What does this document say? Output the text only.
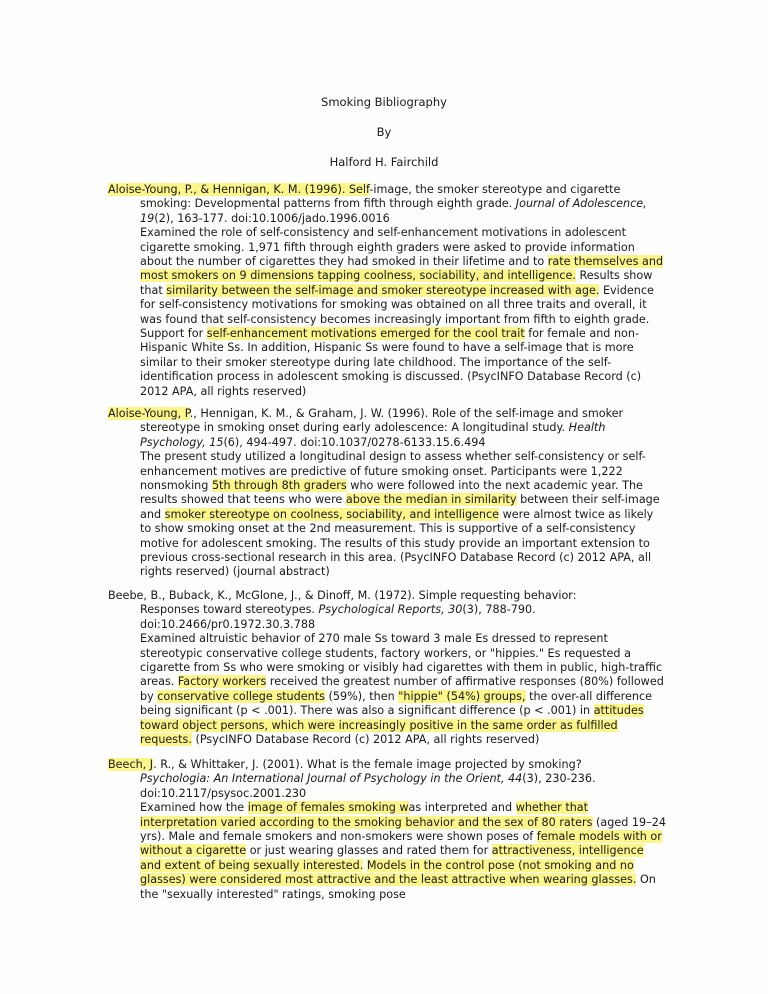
Smoking Bibliography
By
Halford H. Fairchild
Aloise-Young, P., & Hennigan, K. M. (1996). Self-image, the smoker stereotype and cigarette
smoking: Developmental patterns from fifth through eighth grade. Journal of Adolescence, 19(2), 163-177. doi:10.1006/jado.1996.0016
Examined the role of self-consistency and self-enhancement motivations in adolescent cigarette smoking. 1,971 fifth through eighth graders were asked to provide information about the number of cigarettes they had smoked in their lifetime and to rate themselves and most smokers on 9 dimensions tapping coolness, sociability, and intelligence. Results show that similarity between the self-image and smoker stereotype increased with age. Evidence for self-consistency motivations for smoking was obtained on all three traits and overall, it was found that self-consistency becomes increasingly important from fifth to eighth grade. Support for self-enhancement motivations emerged for the cool trait for female and non-Hispanic White Ss. In addition, Hispanic Ss were found to have a self-image that is more similar to their smoker stereotype during late childhood. The importance of the self-identification process in adolescent smoking is discussed. (PsycINFO Database Record (c) 2012 APA, all rights reserved)
Aloise-Young, P., Hennigan, K. M., & Graham, J. W. (1996). Role of the self-image and smoker
stereotype in smoking onset during early adolescence: A longitudinal study. Health Psychology, 15(6), 494-497. doi:10.1037/0278-6133.15.6.494
The present study utilized a longitudinal design to assess whether self-consistency or self-enhancement motives are predictive of future smoking onset. Participants were 1,222 nonsmoking 5th through 8th graders who were followed into the next academic year. The results showed that teens who were above the median in similarity between their self-image and smoker stereotype on coolness, sociability, and intelligence were almost twice as likely to show smoking onset at the 2nd measurement. This is supportive of a self-consistency motive for adolescent smoking. The results of this study provide an important extension to previous cross-sectional research in this area. (PsycINFO Database Record (c) 2012 APA, all rights reserved) (journal abstract)
Beebe, B., Buback, K., McGlone, J., & Dinoff, M. (1972). Simple requesting behavior:
Responses toward stereotypes. Psychological Reports, 30(3), 788-790. doi:10.2466/pr0.1972.30.3.788
Examined altruistic behavior of 270 male Ss toward 3 male Es dressed to represent stereotypic conservative college students, factory workers, or "hippies." Es requested a cigarette from Ss who were smoking or visibly had cigarettes with them in public, high-traffic areas. Factory workers received the greatest number of affirmative responses (80%) followed by conservative college students (59%), then "hippie" (54%) groups, the over-all difference being significant (p < .001). There was also a significant difference (p < .001) in attitudes toward object persons, which were increasingly positive in the same order as fulfilled requests. (PsycINFO Database Record (c) 2012 APA, all rights reserved)
Beech, J. R., & Whittaker, J. (2001). What is the female image projected by smoking?
Psychologia: An International Journal of Psychology in the Orient, 44(3), 230-236. doi:10.2117/psysoc.2001.230
Examined how the image of females smoking was interpreted and whether that interpretation varied according to the smoking behavior and the sex of 80 raters (aged 19–24 yrs). Male and female smokers and non-smokers were shown poses of female models with or without a cigarette or just wearing glasses and rated them for attractiveness, intelligence and extent of being sexually interested. Models in the control pose (not smoking and no glasses) were considered most attractive and the least attractive when wearing glasses. On the "sexually interested" ratings, smoking pose
